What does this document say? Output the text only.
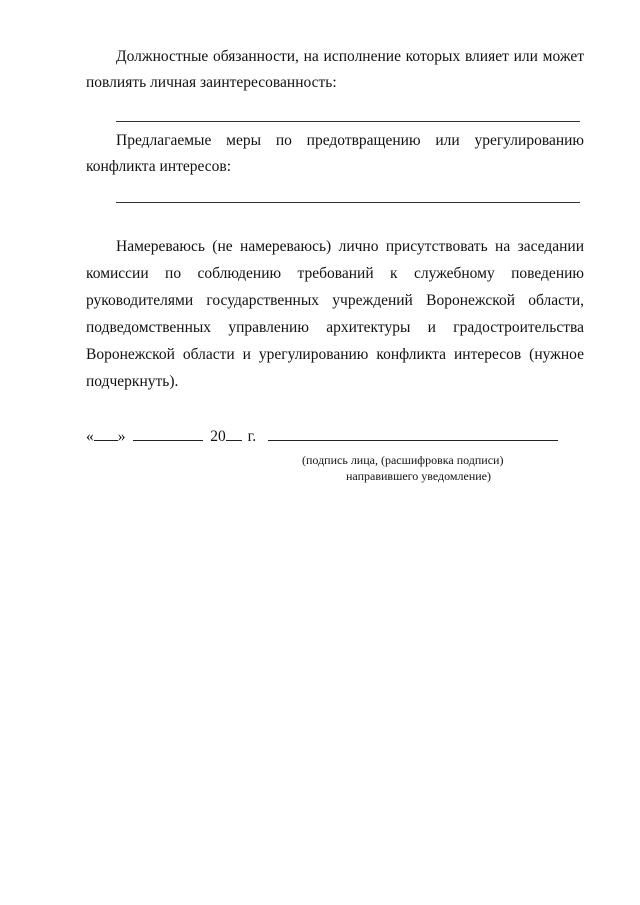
Должностные обязанности, на исполнение которых влияет или может повлиять личная заинтересованность:

Предлагаемые меры по предотвращению или урегулированию конфликта интересов:

Намереваюсь (не намереваюсь) лично присутствовать на заседании комиссии по соблюдению требований к служебному поведению руководителями государственных учреждений Воронежской области, подведомственных управлению архитектуры и градостроительства Воронежской области и урегулированию конфликта интересов (нужное подчеркнуть).

« »	20 г.
(подпись лица, (расшифровка подписи)
направившего уведомление)
